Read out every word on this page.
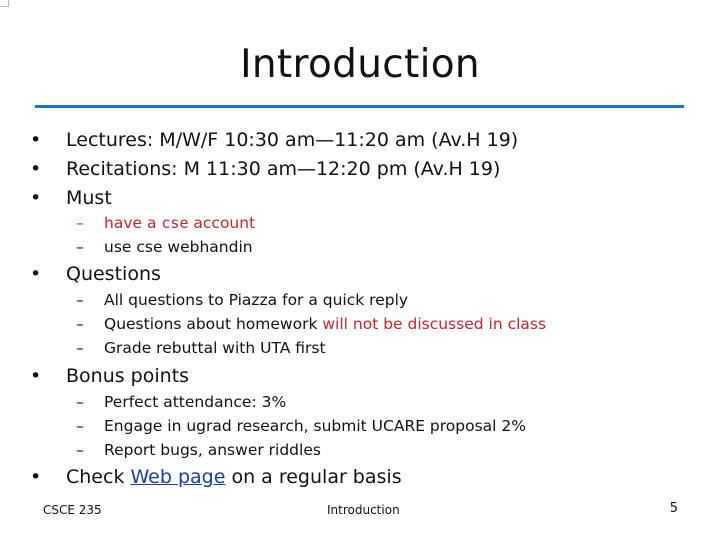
Introduction
• Lectures: M/W/F 10:30 am—11:20 am (Av.H 19)
• Recitations: M 11:30 am—12:20 pm (Av.H 19)
• Must
– have a cse account
– use cse webhandin
• Questions
– All questions to Piazza for a quick reply
– Questions about homework will not be discussed in class
– Grade rebuttal with UTA first
• Bonus points
– Perfect attendance: 3%
– Engage in ugrad research, submit UCARE proposal 2%
– Report bugs, answer riddles
• Check Web page on a regular basis
CSCE 235	Introduction	5
